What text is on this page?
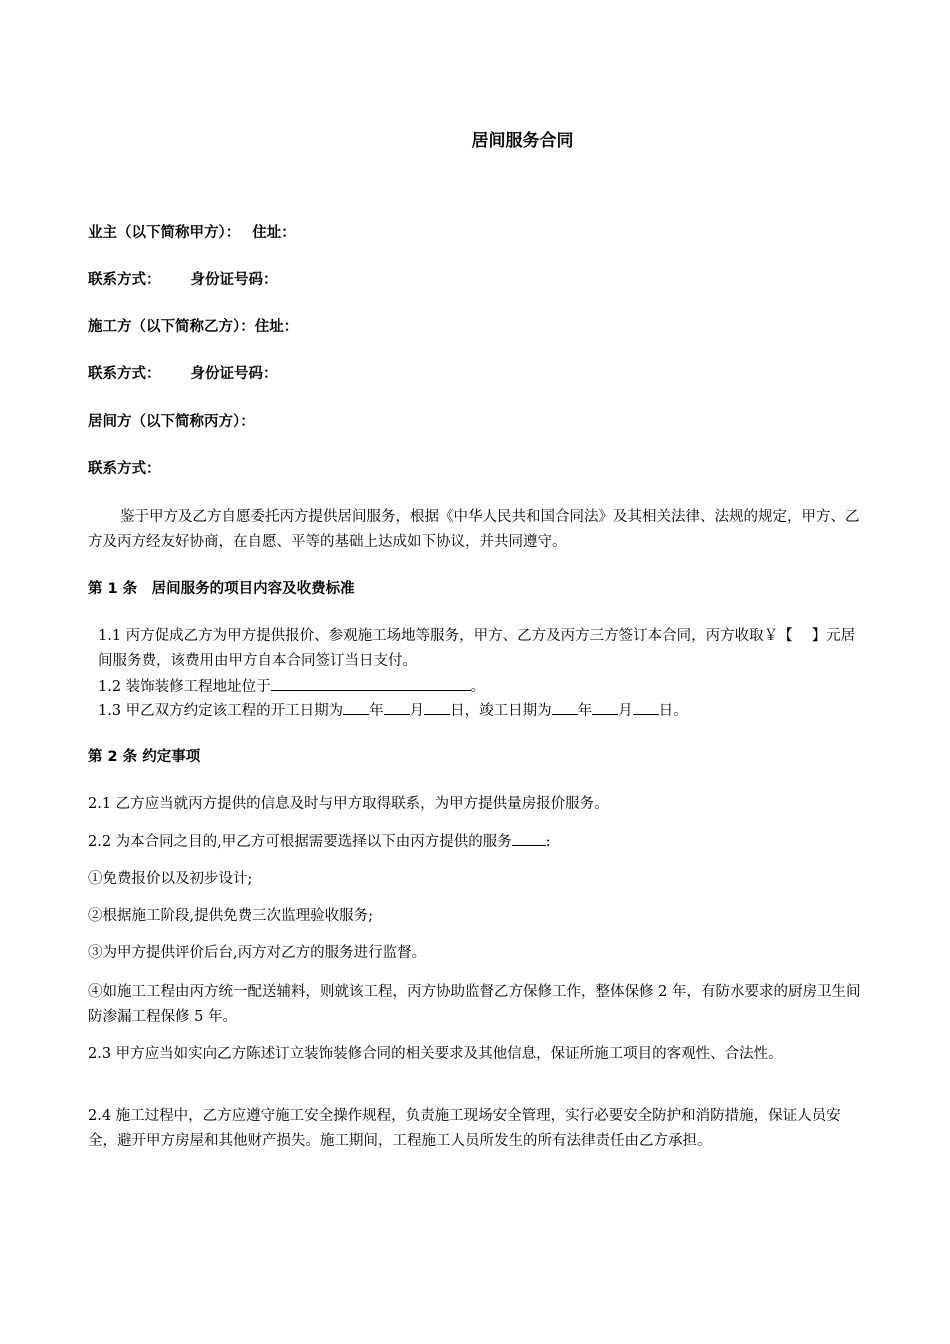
居间服务合同
业主（以下简称甲方）： 住址：
联系方式： 身份证号码：
施工方（以下简称乙方）：住址：
联系方式： 身份证号码：
居间方（以下简称丙方）：
联系方式：
鉴于甲方及乙方自愿委托丙方提供居间服务，根据《中华人民共和国合同法》及其相关法律、法规的规定，甲方、乙方及丙方经友好协商，在自愿、平等的基础上达成如下协议，并共同遵守。
第 1 条　居间服务的项目内容及收费标准
1.1 丙方促成乙方为甲方提供报价、参观施工场地等服务，甲方、乙方及丙方三方签订本合同，丙方收取￥【　 】元居间服务费，该费用由甲方自本合同签订当日支付。
1.2 装饰装修工程地址位于	。
1.3 甲乙双方约定该工程的开工日期为 年 月 日，竣工日期为 年 月 日。
第 2 条 约定事项
2.1 乙方应当就丙方提供的信息及时与甲方取得联系，为甲方提供量房报价服务。
2.2 为本合同之目的,甲乙方可根据需要选择以下由丙方提供的服务 :
①免费报价以及初步设计;
②根据施工阶段,提供免费三次监理验收服务;
③为甲方提供评价后台,丙方对乙方的服务进行监督。
④如施工工程由丙方统一配送辅料，则就该工程，丙方协助监督乙方保修工作，整体保修 2 年，有防水要求的厨房卫生间防渗漏工程保修 5 年。
2.3 甲方应当如实向乙方陈述订立装饰装修合同的相关要求及其他信息，保证所施工项目的客观性、合法性。
2.4 施工过程中，乙方应遵守施工安全操作规程，负责施工现场安全管理，实行必要安全防护和消防措施，保证人员安全，避开甲方房屋和其他财产损失。施工期间，工程施工人员所发生的所有法律责任由乙方承担。
